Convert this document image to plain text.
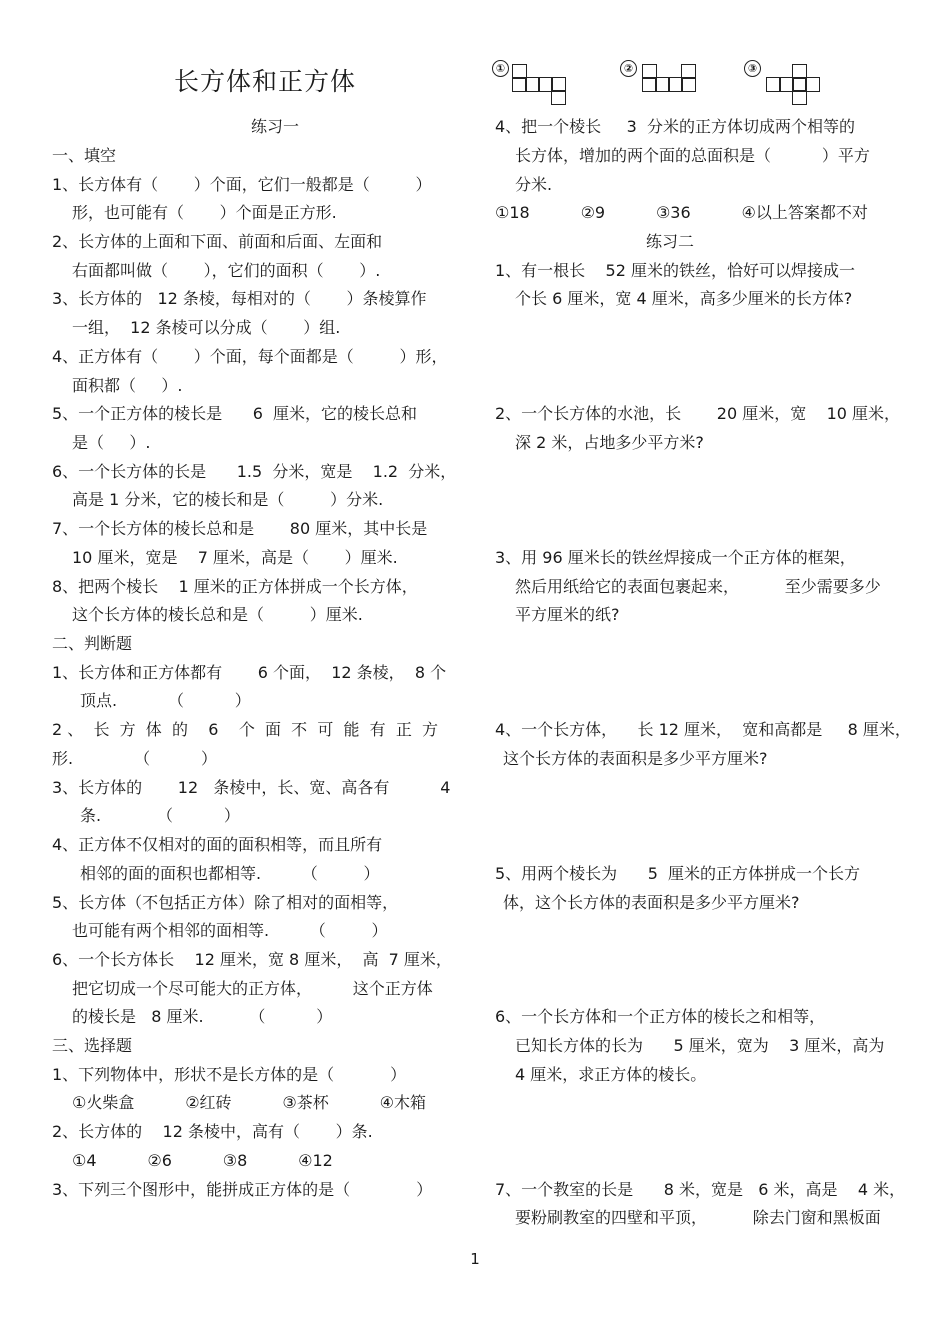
长方体和正方体
练习一
一、填空
1、长方体有（       ）个面，它们一般都是（         ）
形，也可能有（       ）个面是正方形.
2、长方体的上面和下面、前面和后面、左面和
右面都叫做（       ），它们的面积（       ）.
3、长方体的   12 条棱，每相对的（       ）条棱算作
一组，  12 条棱可以分成（       ）组.
4、正方体有（       ）个面，每个面都是（         ）形，
面积都（     ）.
5、一个正方体的棱长是      6  厘米，它的棱长总和
是（     ）.
6、一个长方体的长是      1.5  分米，宽是    1.2  分米，
高是 1 分米，它的棱长和是（         ）分米.
7、一个长方体的棱长总和是       80 厘米，其中长是
10 厘米，宽是    7 厘米，高是（       ）厘米.
8、把两个棱长    1 厘米的正方体拼成一个长方体，
这个长方体的棱长总和是（         ）厘米.
二、判断题
1、长方体和正方体都有       6 个面，  12 条棱，  8 个
顶点.          （          ）
2 、  长  方  体  的    6    个  面  不  可  能  有  正  方
形.            （          ）
3、长方体的       12   条棱中，长、宽、高各有          4
条.           （          ）
4、正方体不仅相对的面的面积相等，而且所有
相邻的面的面积也都相等.        （         ）
5、长方体（不包括正方体）除了相对的面相等，
也可能有两个相邻的面相等.        （         ）
6、一个长方体长    12 厘米，宽 8 厘米，  高  7 厘米，
把它切成一个尽可能大的正方体，        这个正方体
的棱长是   8 厘米.         （          ）
三、选择题
1、下列物体中，形状不是长方体的是（           ）
①火柴盒          ②红砖          ③茶杯          ④木箱
2、长方体的    12 条棱中，高有（       ）条.
①4          ②6          ③8          ④12
3、下列三个图形中，能拼成正方体的是（             ）
①	②	③
4、把一个棱长     3  分米的正方体切成两个相等的
长方体，增加的两个面的总面积是（          ）平方
分米.
①18          ②9          ③36          ④以上答案都不对
练习二
1、有一根长    52 厘米的铁丝，恰好可以焊接成一
个长 6 厘米，宽 4 厘米，高多少厘米的长方体?
2、一个长方体的水池，长       20 厘米，宽    10 厘米，
深 2 米，占地多少平方米?
3、用 96 厘米长的铁丝焊接成一个正方体的框架，
然后用纸给它的表面包裹起来，         至少需要多少
平方厘米的纸?
4、一个长方体，    长 12 厘米，  宽和高都是     8 厘米，
这个长方体的表面积是多少平方厘米?
5、用两个棱长为      5  厘米的正方体拼成一个长方
体，这个长方体的表面积是多少平方厘米?
6、一个长方体和一个正方体的棱长之和相等，
已知长方体的长为      5 厘米，宽为    3 厘米，高为
4 厘米，求正方体的棱长。
7、一个教室的长是      8 米，宽是   6 米，高是    4 米，
要粉刷教室的四壁和平顶，         除去门窗和黑板面
1
